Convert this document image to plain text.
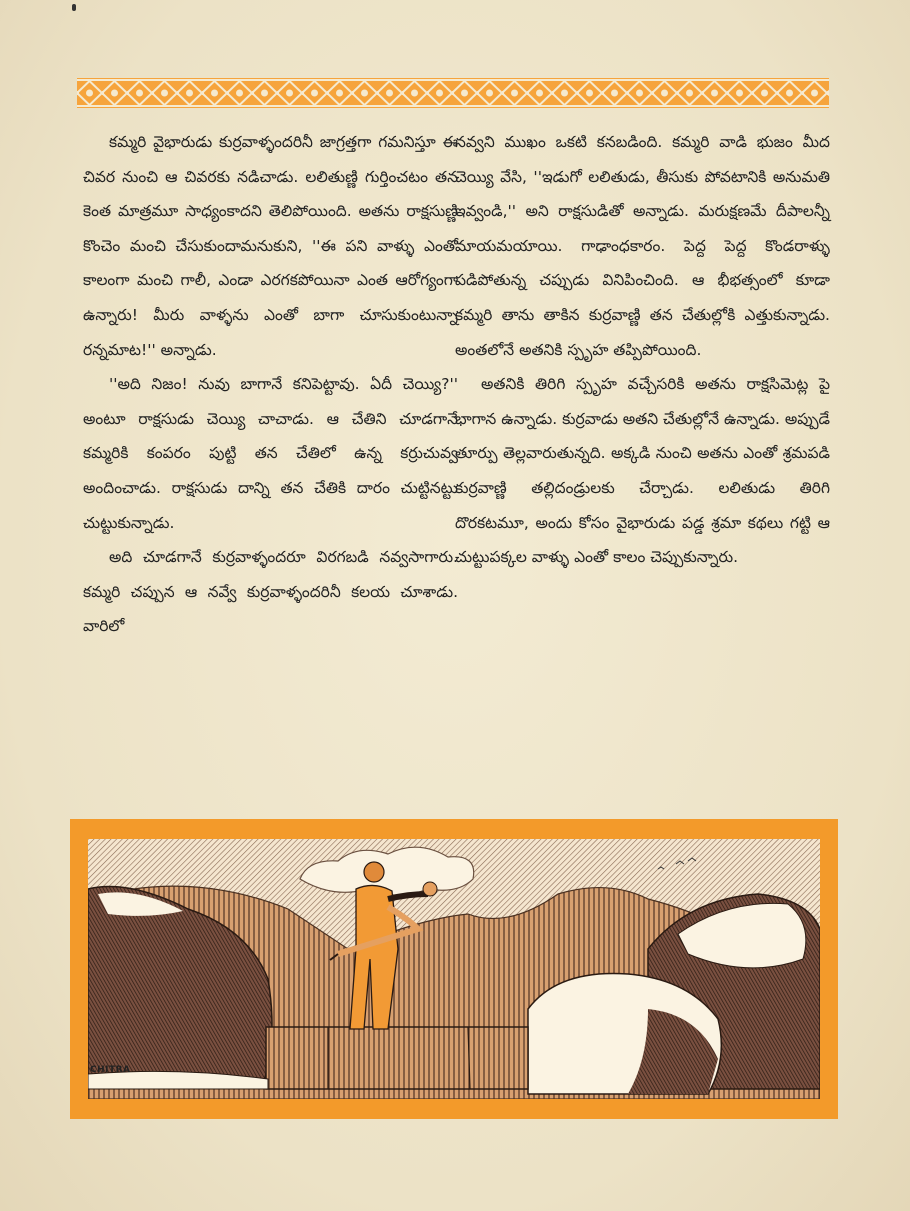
కమ్మరి వైభారుడు కుర్రవాళ్ళందరినీ జాగ్రత్తగా గమనిస్తూ ఈ చివర నుంచి ఆ చివరకు నడిచాడు. లలితుణ్ణి గుర్తించటం తన కెంత మాత్రమూ సాధ్యంకాదని తెలిపోయింది. అతను రాక్షసుణ్ణి కొంచెం మంచి చేసుకుందామనుకుని, ''ఈ పని వాళ్ళు ఎంతో కాలంగా మంచి గాలీ, ఎండా ఎరగకపోయినా ఎంత ఆరోగ్యంగా ఉన్నారు! మీరు వాళ్ళను ఎంతో బాగా చూసుకుంటున్నా రన్నమాట!'' అన్నాడు.

''అది నిజం! నువు బాగానే కనిపెట్టావు. ఏదీ చెయ్యి?'' అంటూ రాక్షసుడు చెయ్యి చాచాడు. ఆ చేతిని చూడగానే కమ్మరికి కంపరం పుట్టి తన చేతిలో ఉన్న కర్రుచువ్వ అందించాడు. రాక్షసుడు దాన్ని తన చేతికి దారం చుట్టినట్టు చుట్టుకున్నాడు.

అది చూడగానే కుర్రవాళ్ళందరూ విరగబడి నవ్వసాగారు. కమ్మరి చప్పున ఆ నవ్వే కుర్రవాళ్ళందరినీ కలయ చూశాడు. వారిలో

నవ్వని ముఖం ఒకటి కనబడింది. కమ్మరి వాడి భుజం మీద చెయ్యి వేసి, ''ఇడుగో లలితుడు, తీసుకు పోవటానికి అనుమతి ఇవ్వండి,'' అని రాక్షసుడితో అన్నాడు. మరుక్షణమే దీపాలన్నీ మాయమయాయి. గాఢాంధకారం. పెద్ద పెద్ద కొండరాళ్ళు పడిపోతున్న చప్పుడు వినిపించింది. ఆ భీభత్సంలో కూడా కమ్మరి తాను తాకిన కుర్రవాణ్ణి తన చేతుల్లోకి ఎత్తుకున్నాడు. అంతలోనే అతనికి స్పృహ తప్పిపోయింది.

అతనికి తిరిగి స్పృహ వచ్చేసరికి అతను రాక్షసిమెట్ల పై భాగాన ఉన్నాడు. కుర్రవాడు అతని చేతుల్లోనే ఉన్నాడు. అప్పుడే తూర్పు తెల్లవారుతున్నది. అక్కడి నుంచి అతను ఎంతో శ్రమపడి కుర్రవాణ్ణి తల్లిదండ్రులకు చేర్చాడు. లలితుడు తిరిగి దొరకటమూ, అందు కోసం వైభారుడు పడ్డ శ్రమా కథలు గట్టి ఆ చుట్టుపక్కల వాళ్ళు ఎంతో కాలం చెప్పుకున్నారు.

CHITRA
